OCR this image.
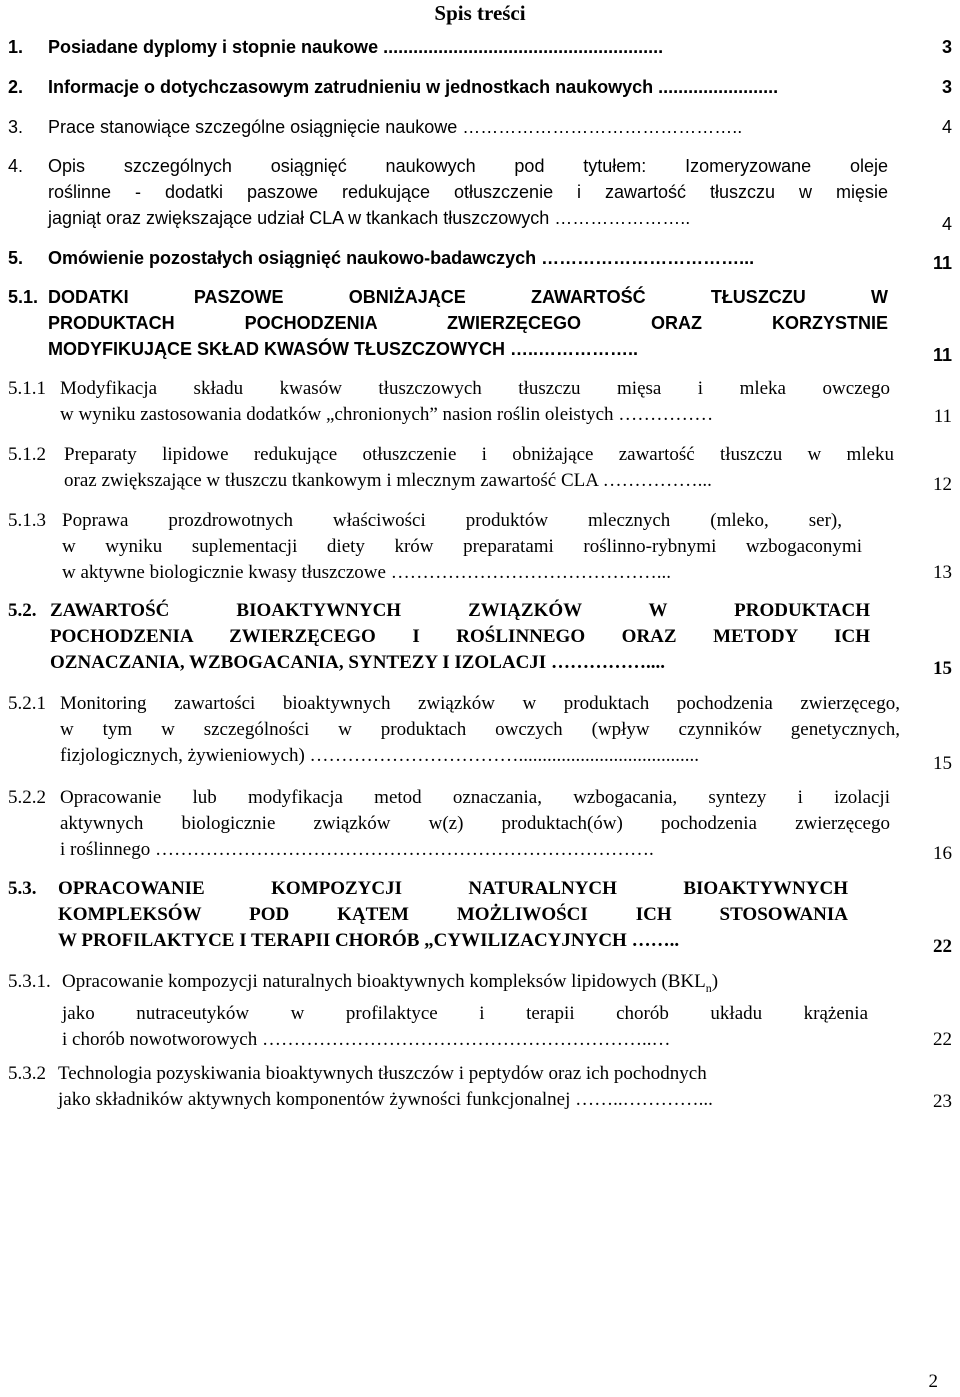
Spis treści
1. Posiadane dyplomy i stopnie naukowe ........................................................	3
2. Informacje o dotychczasowym zatrudnieniu w jednostkach naukowych ........................	3
3. Prace stanowiące szczególne osiągnięcie naukowe ………………………………………..	4
4. Opis szczególnych osiągnięć naukowych pod tytułem: Izomeryzowane oleje
roślinne - dodatki paszowe redukujące otłuszczenie i zawartość tłuszczu w mięsie
jagniąt oraz zwiększające udział CLA w tkankach tłuszczowych …………………..	4
5. Omówienie pozostałych osiągnięć naukowo-badawczych ……………………………...	11
5.1. DODATKI PASZOWE OBNIŻAJĄCE ZAWARTOŚĆ TŁUSZCZU W
PRODUKTACH POCHODZENIA ZWIERZĘCEGO ORAZ KORZYSTNIE
MODYFIKUJĄCE SKŁAD KWASÓW TŁUSZCZOWYCH …..……………..	11
5.1.1 Modyfikacja składu kwasów tłuszczowych tłuszczu mięsa i mleka owczego
w wyniku zastosowania dodatków „chronionych” nasion roślin oleistych ……………	11
5.1.2 Preparaty lipidowe redukujące otłuszczenie i obniżające zawartość tłuszczu w mleku
oraz zwiększające w tłuszczu tkankowym i mlecznym zawartość CLA ……………...	12
5.1.3 Poprawa prozdrowotnych właściwości produktów mlecznych (mleko, ser),
w wyniku suplementacji diety krów preparatami roślinno-rybnymi wzbogaconymi
w aktywne biologicznie kwasy tłuszczowe ……………………………………...	13
5.2. ZAWARTOŚĆ BIOAKTYWNYCH ZWIĄZKÓW W PRODUKTACH
POCHODZENIA ZWIERZĘCEGO I ROŚLINNEGO ORAZ METODY ICH
OZNACZANIA, WZBOGACANIA, SYNTEZY I IZOLACJI ……………....	15
5.2.1 Monitoring zawartości bioaktywnych związków w produktach pochodzenia zwierzęcego,
w tym w szczególności w produktach owczych (wpływ czynników genetycznych,
fizjologicznych, żywieniowych) ……………………………......................................	15
5.2.2 Opracowanie lub modyfikacja metod oznaczania, wzbogacania, syntezy i izolacji
aktywnych biologicznie związków w(z) produktach(ów) pochodzenia zwierzęcego
i roślinnego …………………………………………………………………….	16
5.3. OPRACOWANIE KOMPOZYCJI NATURALNYCH BIOAKTYWNYCH
KOMPLEKSÓW POD KĄTEM MOŻLIWOŚCI ICH STOSOWANIA
W PROFILAKTYCE I TERAPII CHORÓB „CYWILIZACYJNYCH ……..	22
5.3.1. Opracowanie kompozycji naturalnych bioaktywnych kompleksów lipidowych $(BKL_n)$
jako nutraceutyków w profilaktyce i terapii chorób układu krążenia
i chorób nowotworowych ……………………………………………………..…	22
5.3.2 Technologia pozyskiwania bioaktywnych tłuszczów i peptydów oraz ich pochodnych
jako składników aktywnych komponentów żywności funkcjonalnej ……..…………...	23
2
